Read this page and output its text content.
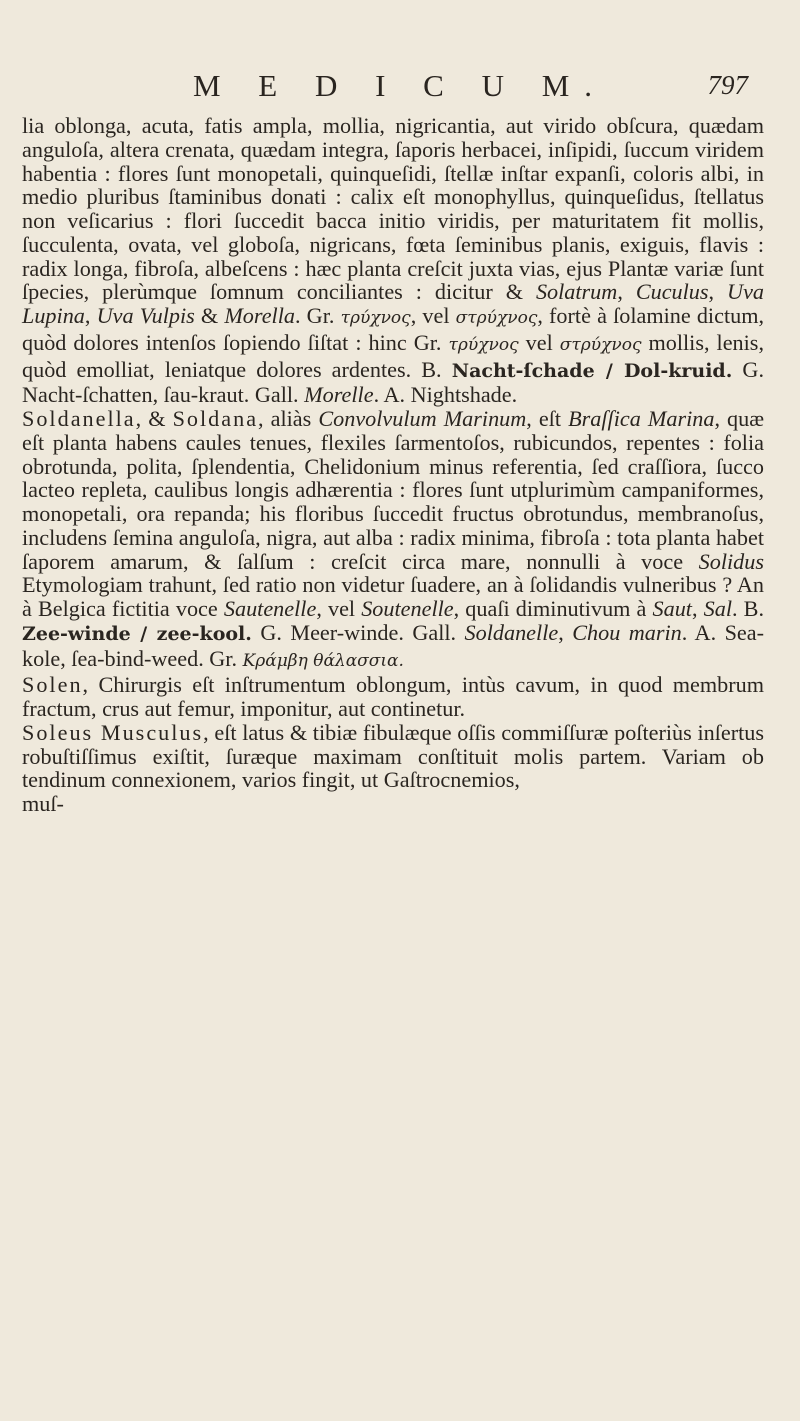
M E D I C U M.	797

lia oblonga, acuta, fatis ampla, mollia, nigricantia, aut virido obſcura, quædam anguloſa, altera crenata, quædam integra, ſaporis herbacei, inſipidi, ſuccum viridem habentia : flores ſunt monopetali, quinqueſidi, ſtellæ inſtar expanſi, coloris albi, in medio pluribus ſtaminibus donati : calix eſt monophyllus, quinqueſidus, ſtellatus non veſicarius : flori ſuccedit bacca initio viridis, per maturitatem fit mollis, ſucculenta, ovata, vel globoſa, nigricans, fœta ſeminibus planis, exiguis, flavis : radix longa, fibroſa, albeſcens : hæc planta creſcit juxta vias, ejus Plantæ variæ ſunt ſpecies, plerùmque ſomnum conciliantes : dicitur & Solatrum, Cuculus, Uva Lupina, Uva Vulpis & Morella. Gr. τρύχνος, vel στρύχνος, fortè à ſolamine dictum, quòd dolores intenſos ſopiendo ſiſtat : hinc Gr. τρύχνος vel στρύχνος mollis, lenis, quòd emolliat, leniatque dolores ardentes. B. Nacht-ſchade / Dol-kruid. G. Nacht-ſchatten, ſau-kraut. Gall. Morelle. A. Nightshade.

Soldanella, & Soldana, aliàs Convolvulum Marinum, eſt Braſſica Marina, quæ eſt planta habens caules tenues, flexiles ſarmentoſos, rubicundos, repentes : folia obrotunda, polita, ſplendentia, Chelidonium minus referentia, ſed craſſiora, ſucco lacteo repleta, caulibus longis adhærentia : flores ſunt utplurimùm campaniformes, monopetali, ora repanda; his floribus ſuccedit fructus obrotundus, membranoſus, includens ſemina anguloſa, nigra, aut alba : radix minima, fibroſa : tota planta habet ſaporem amarum, & ſalſum : creſcit circa mare, nonnulli à voce Solidus Etymologiam trahunt, ſed ratio non videtur ſuadere, an à ſolidandis vulneribus ? An à Belgica fictitia voce Sautenelle, vel Soutenelle, quaſi diminutivum à Saut, Sal. B. Zee-winde / zee-kool. G. Meer-winde. Gall. Soldanelle, Chou marin. A. Sea-kole, ſea-bind-weed. Gr. Κράμβη θάλασσια.

Solen, Chirurgis eſt inſtrumentum oblongum, intùs cavum, in quod membrum fractum, crus aut femur, imponitur, aut continetur.

Soleus Musculus, eſt latus & tibiæ fibulæque oſſis commiſſuræ poſteriùs inſertus robuſtiſſimus exiſtit, ſuræque maximam conſtituit molis partem. Variam ob tendinum connexionem, varios fingit, ut Gaſtrocnemios,

muſ-
